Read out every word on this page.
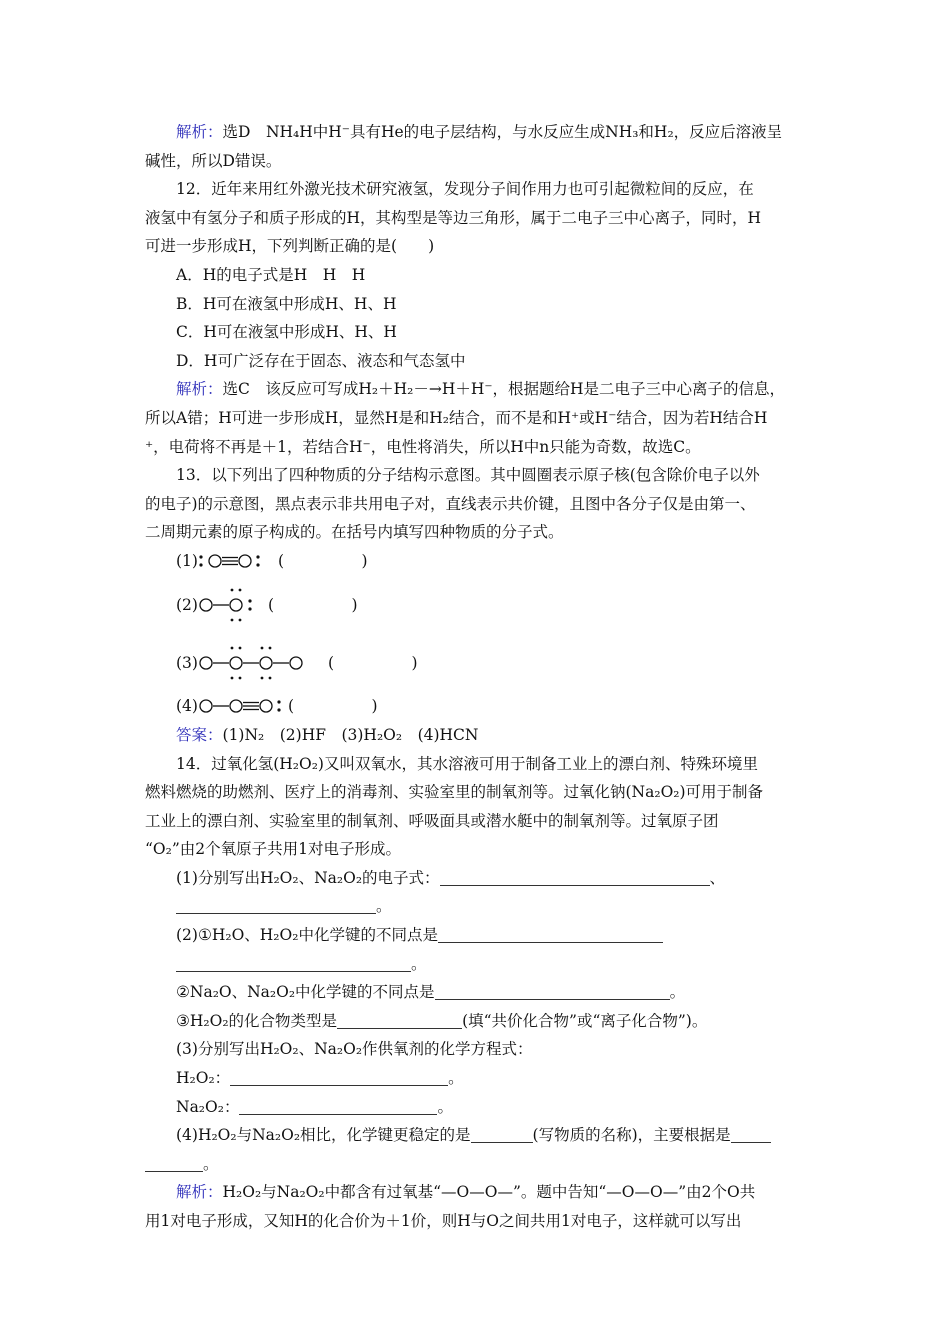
解析：选D　NH₄H中H⁻具有He的电子层结构，与水反应生成NH₃和H₂，反应后溶液呈

碱性，所以D错误。

12．近年来用红外激光技术研究液氢，发现分子间作用力也可引起微粒间的反应，在

液氢中有氢分子和质子形成的H，其构型是等边三角形，属于二电子三中心离子，同时，H

可进一步形成H，下列判断正确的是(　　)

A．H的电子式是H　H　H

B．H可在液氢中形成H、H、H

C．H可在液氢中形成H、H、H

D．H可广泛存在于固态、液态和气态氢中

解析：选C　该反应可写成H₂＋H₂－→H＋H⁻，根据题给H是二电子三中心离子的信息，

所以A错；H可进一步形成H，显然H是和H₂结合，而不是和H⁺或H⁻结合，因为若H结合H

⁺，电荷将不再是＋1，若结合H⁻，电性将消失，所以H中n只能为奇数，故选C。

13．以下列出了四种物质的分子结构示意图。其中圆圈表示原子核(包含除价电子以外

的电子)的示意图，黑点表示非共用电子对，直线表示共价键，且图中各分子仅是由第一、

二周期元素的原子构成的。在括号内填写四种物质的分子式。

(1)	(　　　　　)
(2)	(　　　　　)
(3)	(　　　　　)
(4)	(　　　　　)

答案：(1)N₂　(2)HF　(3)H₂O₂　(4)HCN

14．过氧化氢(H₂O₂)又叫双氧水，其水溶液可用于制备工业上的漂白剂、特殊环境里

燃料燃烧的助燃剂、医疗上的消毒剂、实验室里的制氧剂等。过氧化钠(Na₂O₂)可用于制备

工业上的漂白剂、实验室里的制氧剂、呼吸面具或潜水艇中的制氧剂等。过氧原子团

“O₂”由2个氧原子共用1对电子形成。

(1)分别写出H₂O₂、Na₂O₂的电子式：	、

。

(2)①H₂O、H₂O₂中化学键的不同点是

。

②Na₂O、Na₂O₂中化学键的不同点是	。

③H₂O₂的化合物类型是	(填“共价化合物”或“离子化合物”)。

(3)分别写出H₂O₂、Na₂O₂作供氧剂的化学方程式：

H₂O₂：	。

Na₂O₂：	。

(4)H₂O₂与Na₂O₂相比，化学键更稳定的是	(写物质的名称)，主要根据是

。

解析：H₂O₂与Na₂O₂中都含有过氧基“—O—O—”。题中告知“—O—O—”由2个O共

用1对电子形成，又知H的化合价为＋1价，则H与O之间共用1对电子，这样就可以写出
